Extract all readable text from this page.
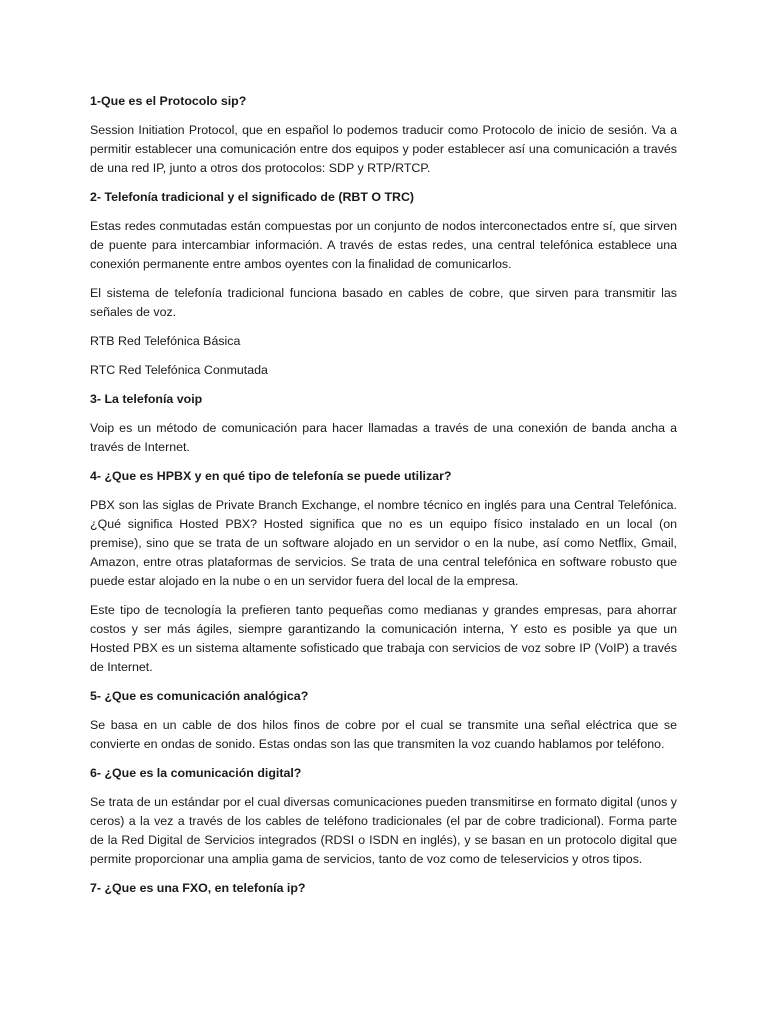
1-Que es el Protocolo sip?
Session Initiation Protocol, que en español lo podemos traducir como Protocolo de inicio de sesión. Va a permitir establecer una comunicación entre dos equipos y poder establecer así una comunicación a través de una red IP, junto a otros dos protocolos: SDP y RTP/RTCP.
2- Telefonía tradicional y el significado de (RBT O TRC)
Estas redes conmutadas están compuestas por un conjunto de nodos interconectados entre sí, que sirven de puente para intercambiar información. A través de estas redes, una central telefónica establece una conexión permanente entre ambos oyentes con la finalidad de comunicarlos.
El sistema de telefonía tradicional funciona basado en cables de cobre, que sirven para transmitir las señales de voz.
RTB Red Telefónica Básica
RTC Red Telefónica Conmutada
3- La telefonía voip
Voip es un método de comunicación para hacer llamadas a través de una conexión de banda ancha a través de Internet.
4- ¿Que es HPBX y en qué tipo de telefonía se puede utilizar?
PBX son las siglas de Private Branch Exchange, el nombre técnico en inglés para una Central Telefónica. ¿Qué significa Hosted PBX? Hosted significa que no es un equipo físico instalado en un local (on premise), sino que se trata de un software alojado en un servidor o en la nube, así como Netflix, Gmail, Amazon, entre otras plataformas de servicios. Se trata de una central telefónica en software robusto que puede estar alojado en la nube o en un servidor fuera del local de la empresa.
Este tipo de tecnología la prefieren tanto pequeñas como medianas y grandes empresas, para ahorrar costos y ser más ágiles, siempre garantizando la comunicación interna, Y esto es posible ya que un Hosted PBX es un sistema altamente sofisticado que trabaja con servicios de voz sobre IP (VoIP) a través de Internet.
5- ¿Que es comunicación analógica?
Se basa en un cable de dos hilos finos de cobre por el cual se transmite una señal eléctrica que se convierte en ondas de sonido. Estas ondas son las que transmiten la voz cuando hablamos por teléfono.
6- ¿Que es la comunicación digital?
Se trata de un estándar por el cual diversas comunicaciones pueden transmitirse en formato digital (unos y ceros) a la vez a través de los cables de teléfono tradicionales (el par de cobre tradicional). Forma parte de la Red Digital de Servicios integrados (RDSI o ISDN en inglés), y se basan en un protocolo digital que permite proporcionar una amplia gama de servicios, tanto de voz como de teleservicios y otros tipos.
7- ¿Que es una FXO, en telefonía ip?
